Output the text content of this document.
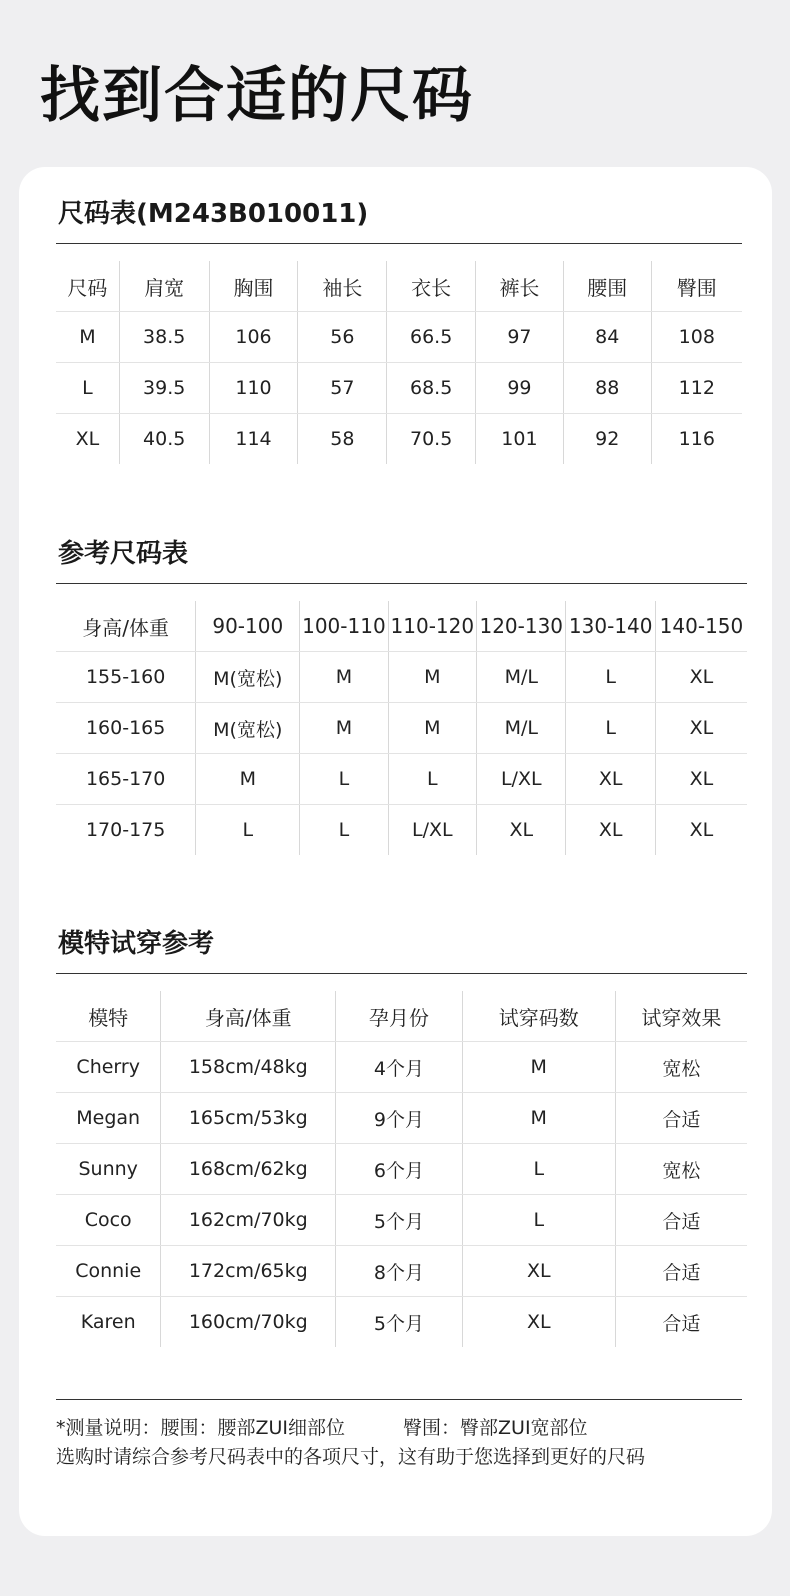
找到合适的尺码
尺码表(M243B010011)
尺码	肩宽	胸围	袖长	衣长	裤长	腰围	臀围
M	38.5	106	56	66.5	97	84	108
L	39.5	110	57	68.5	99	88	112
XL	40.5	114	58	70.5	101	92	116
参考尺码表
身高/体重	90-100	100-110	110-120	120-130	130-140	140-150
155-160	M(宽松)	M	M	M/L	L	XL
160-165	M(宽松)	M	M	M/L	L	XL
165-170	M	L	L	L/XL	XL	XL
170-175	L	L	L/XL	XL	XL	XL
模特试穿参考
模特	身高/体重	孕月份	试穿码数	试穿效果
Cherry	158cm/48kg	4个月	M	宽松
Megan	165cm/53kg	9个月	M	合适
Sunny	168cm/62kg	6个月	L	宽松
Coco	162cm/70kg	5个月	L	合适
Connie	172cm/65kg	8个月	XL	合适
Karen	160cm/70kg	5个月	XL	合适
*测量说明：腰围：腰部ZUI细部位	臀围：臀部ZUI宽部位
选购时请综合参考尺码表中的各项尺寸，这有助于您选择到更好的尺码
